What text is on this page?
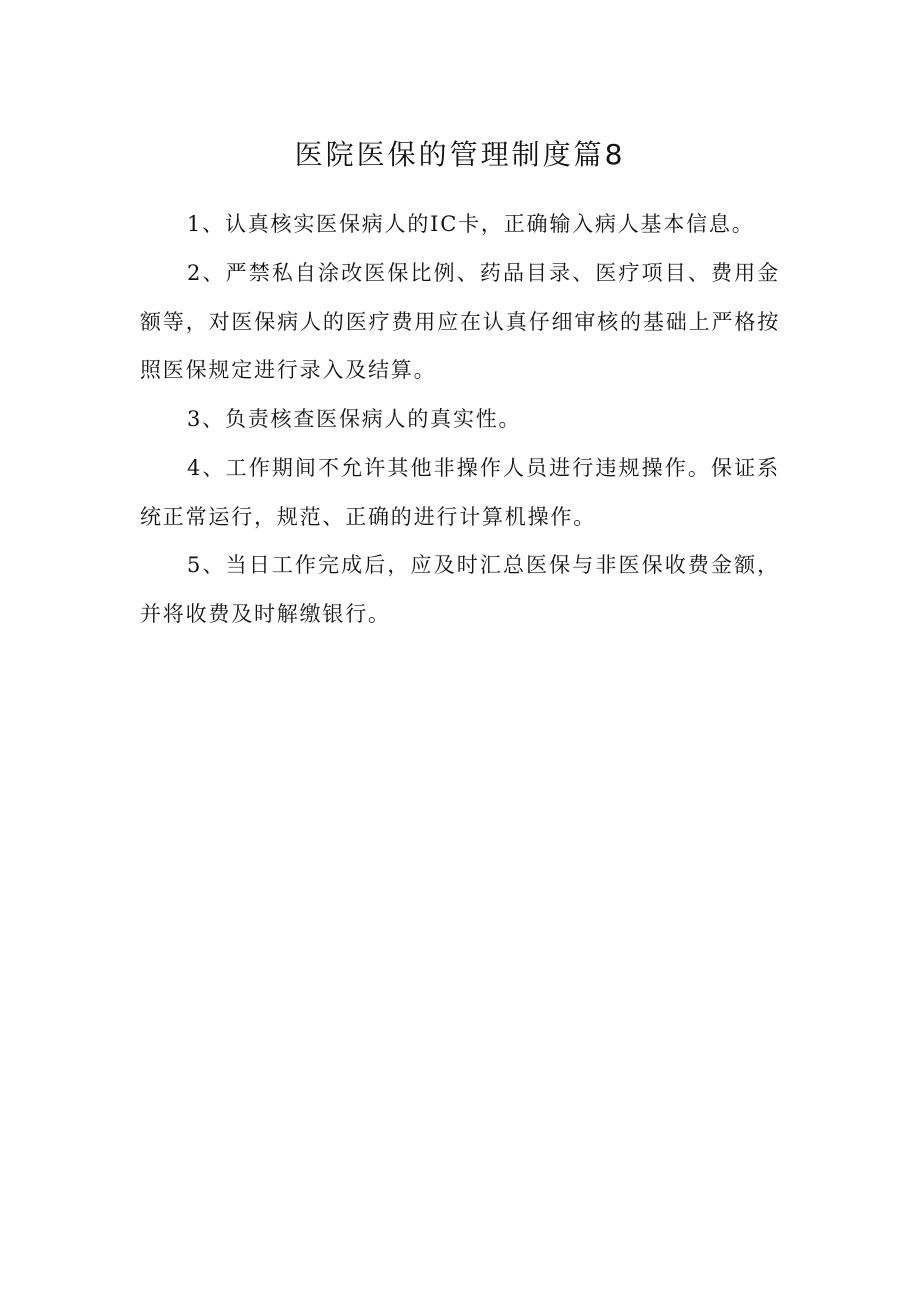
医院医保的管理制度篇8

1、认真核实医保病人的IC卡，正确输入病人基本信息。

2、严禁私自涂改医保比例、药品目录、医疗项目、费用金
额等，对医保病人的医疗费用应在认真仔细审核的基础上严格按
照医保规定进行录入及结算。

3、负责核查医保病人的真实性。

4、工作期间不允许其他非操作人员进行违规操作。保证系
统正常运行，规范、正确的进行计算机操作。

5、当日工作完成后，应及时汇总医保与非医保收费金额，
并将收费及时解缴银行。
